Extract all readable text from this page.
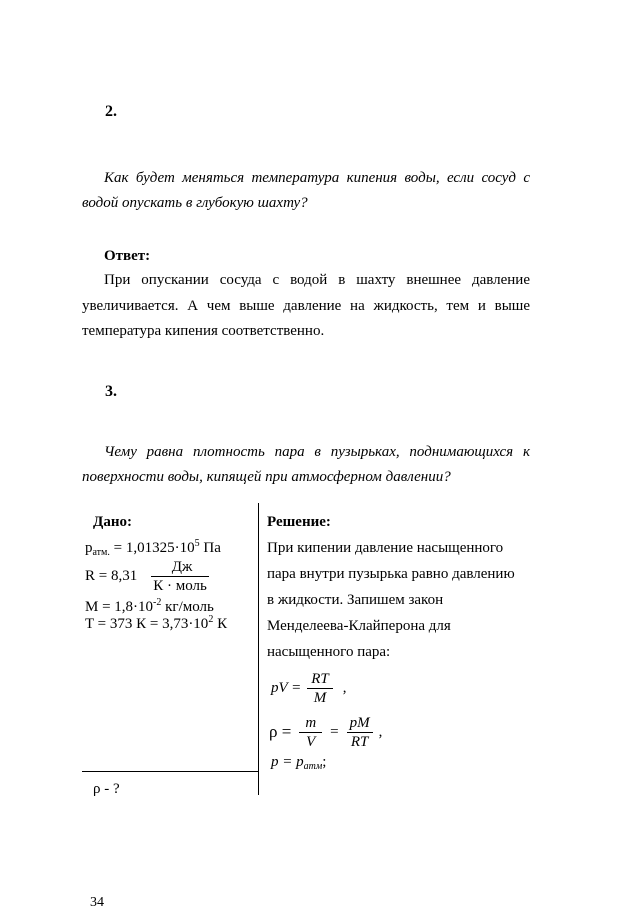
2.
Как будет меняться температура кипения воды, если сосуд с
водой опускать в глубокую шахту?
Ответ:
При опускании сосуда с водой в шахту внешнее давление
увеличивается. А чем выше давление на жидкость, тем и выше
температура кипения соответственно.
3.
Чему равна плотность пара в пузырьках, поднимающихся к
поверхности воды, кипящей при атмосферном давлении?
Дано:
$p_{атм.} = 1,01325\cdot 10^5$ Па
$R = 8,31 \frac{Дж}{\text{К · моль}}$
$M = 1,8\cdot 10^{-2}$ кг/моль
T = 373 $К = 3,73\cdot 10^2$ К
ρ - ?
Решение:
При кипении давление насыщенного
пара внутри пузырька равно давлению
в жидкости. Запишем закон
Менделеева-Клайперона для
насыщенного пара:
pV = $\frac{RT}{M}$ ,
$\rho = \frac{m}{V} = \frac{pM}{RT}$ ,
$p = p_{атм}$;
34
